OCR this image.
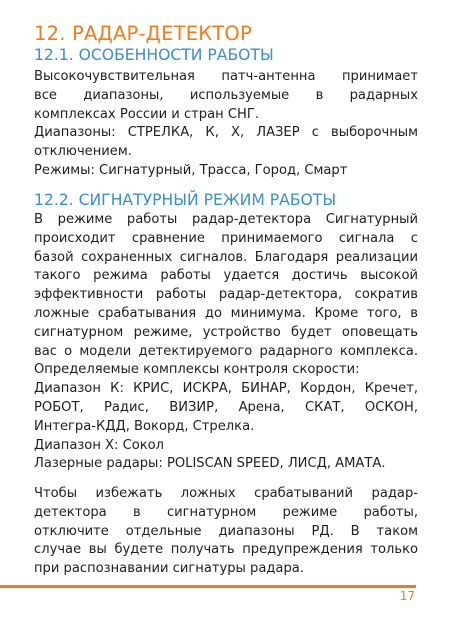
12. РАДАР-ДЕТЕКТОР
12.1. ОСОБЕННОСТИ РАБОТЫ
Высокочувствительная патч-антенна принимает
все диапазоны, используемые в радарных
комплексах России и стран СНГ.
Диапазоны: СТРЕЛКА, К, Х, ЛАЗЕР с выборочным
отключением.
Режимы: Сигнатурный, Трасса, Город, Смарт
12.2. СИГНАТУРНЫЙ РЕЖИМ РАБОТЫ
В режиме работы радар-детектора Сигнатурный
происходит сравнение принимаемого сигнала с
базой сохраненных сигналов. Благодаря реализации
такого режима работы удается достичь высокой
эффективности работы радар-детектора, сократив
ложные срабатывания до минимума. Кроме того, в
сигнатурном режиме, устройство будет оповещать
вас о модели детектируемого радарного комплекса.
Определяемые комплексы контроля скорости:
Диапазон К: КРИС, ИСКРА, БИНАР, Кордон, Кречет,
РОБОТ, Радис, ВИЗИР, Арена, СКАТ, ОСКОН,
Интегра-КДД, Вокорд, Стрелка.
Диапазон Х: Сокол
Лазерные радары: POLISCAN SPEED, ЛИСД, АМАТА.
Чтобы избежать ложных срабатываний радар-
детектора в сигнатурном режиме работы,
отключите отдельные диапазоны РД. В таком
случае вы будете получать предупреждения только
при распознавании сигнатуры радара.
17
